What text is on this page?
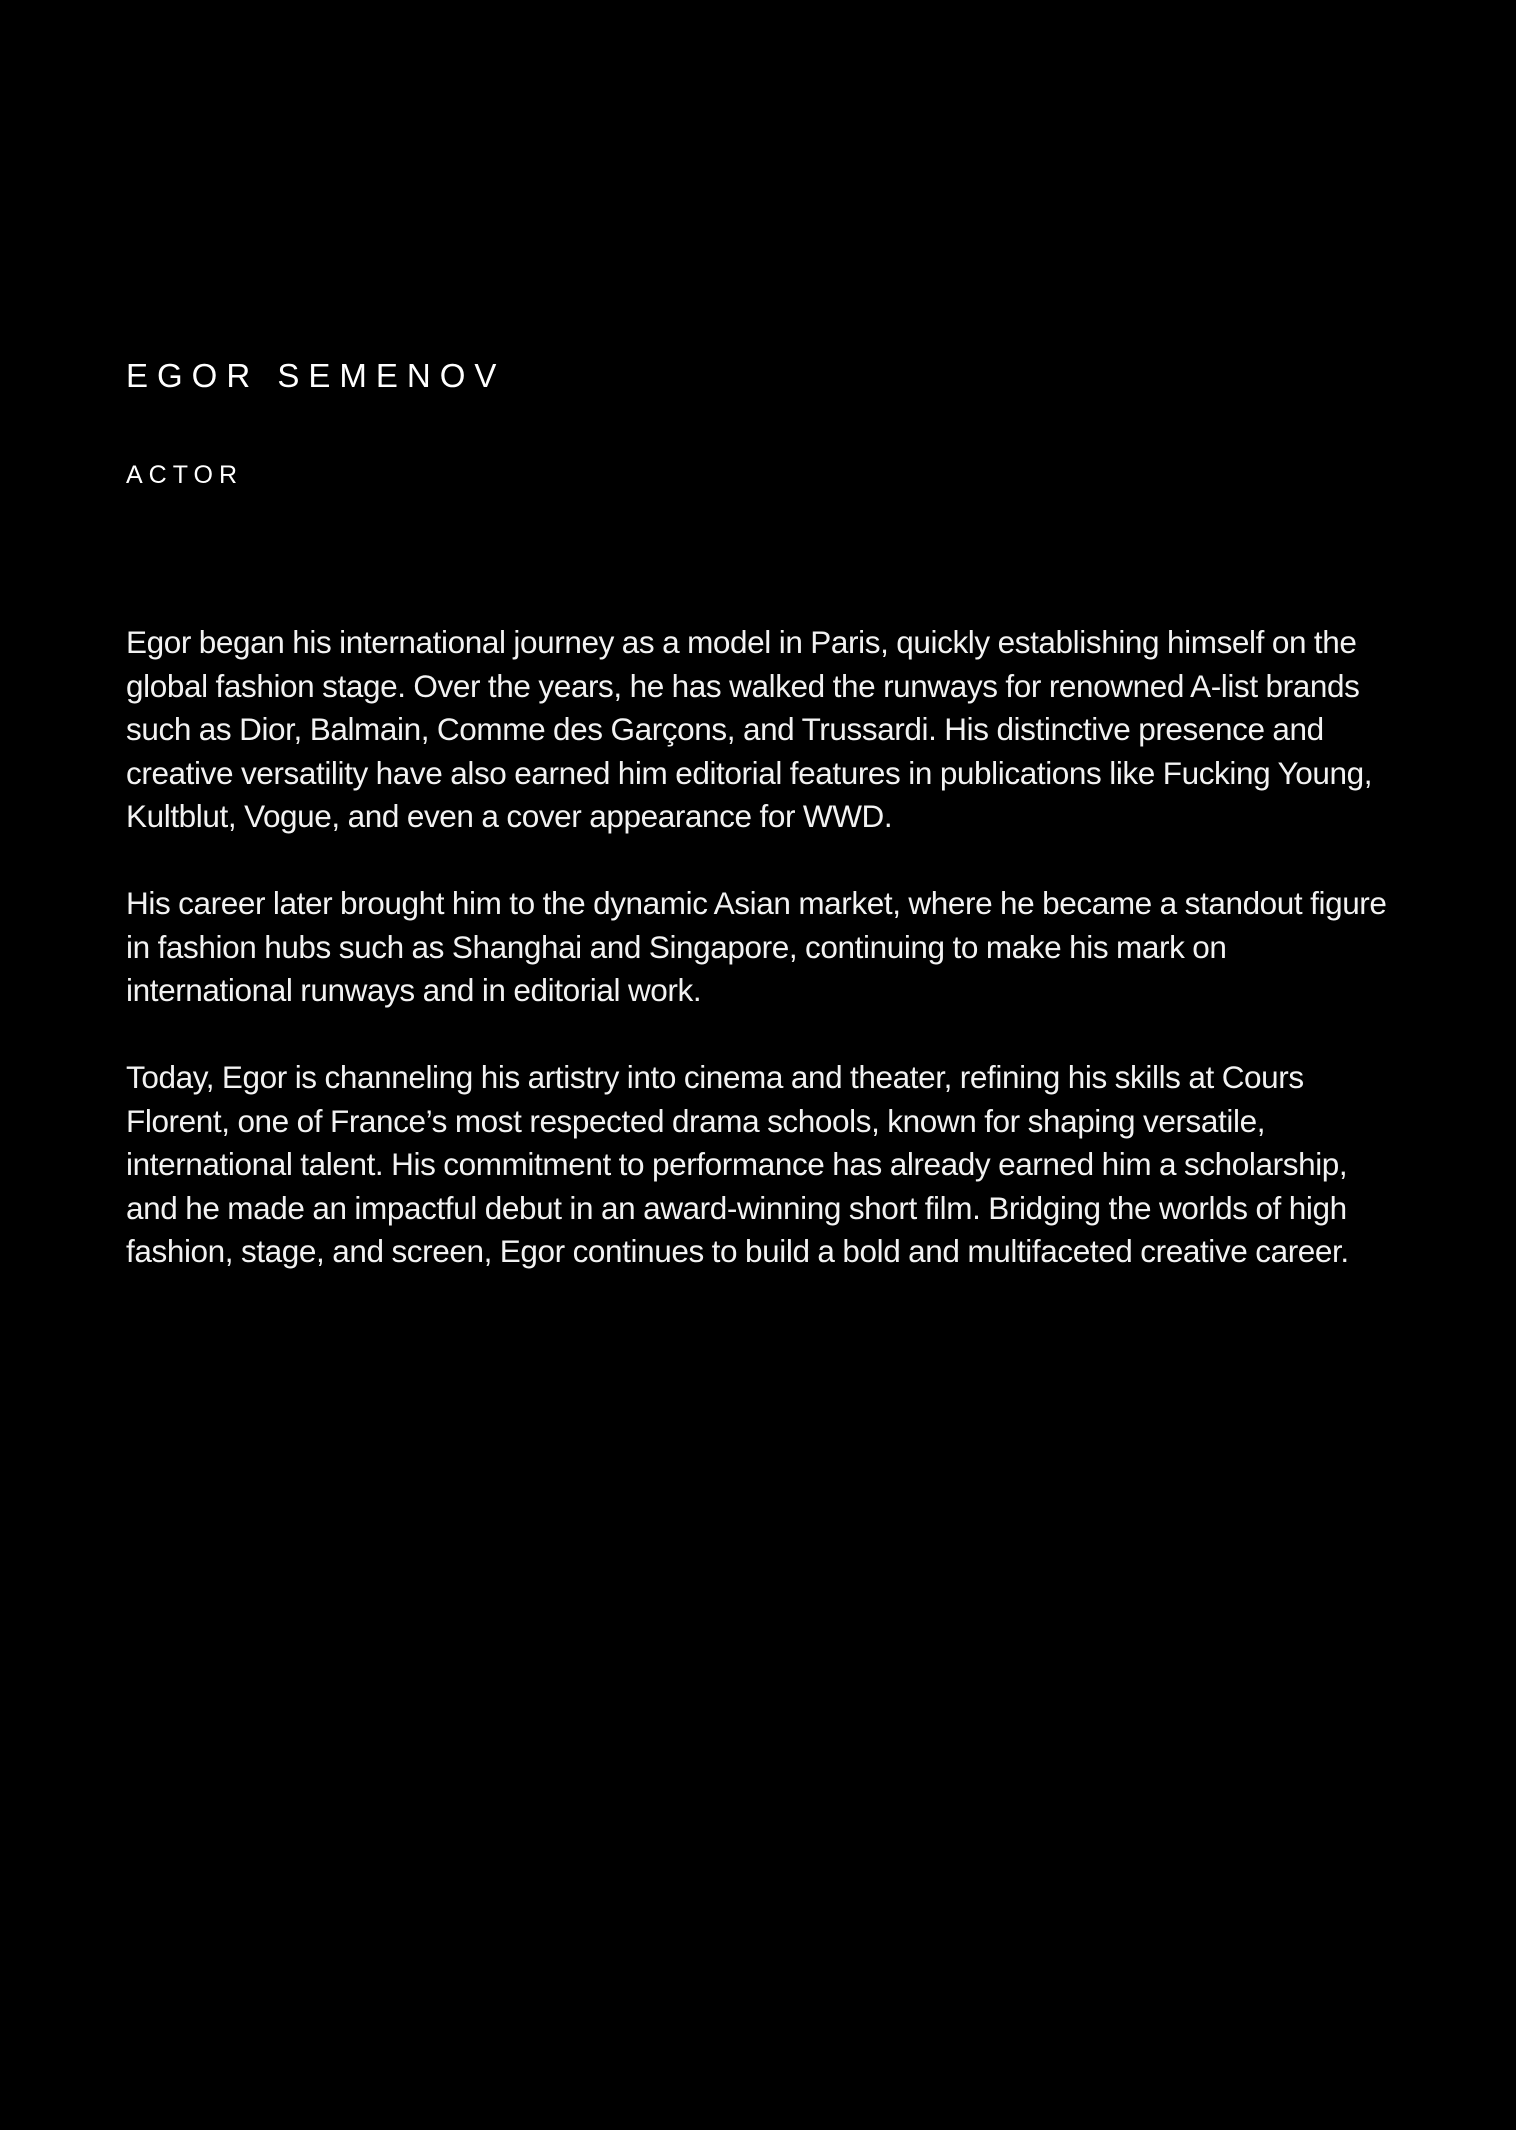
EGOR SEMENOV
ACTOR

Egor began his international journey as a model in Paris, quickly establishing himself on the global fashion stage. Over the years, he has walked the runways for renowned A-list brands such as Dior, Balmain, Comme des Garçons, and Trussardi. His distinctive presence and creative versatility have also earned him editorial features in publications like Fucking Young, Kultblut, Vogue, and even a cover appearance for WWD.

His career later brought him to the dynamic Asian market, where he became a standout figure in fashion hubs such as Shanghai and Singapore, continuing to make his mark on international runways and in editorial work.

Today, Egor is channeling his artistry into cinema and theater, refining his skills at Cours Florent, one of France’s most respected drama schools, known for shaping versatile, international talent. His commitment to performance has already earned him a scholarship, and he made an impactful debut in an award-winning short film. Bridging the worlds of high fashion, stage, and screen, Egor continues to build a bold and multifaceted creative career.
